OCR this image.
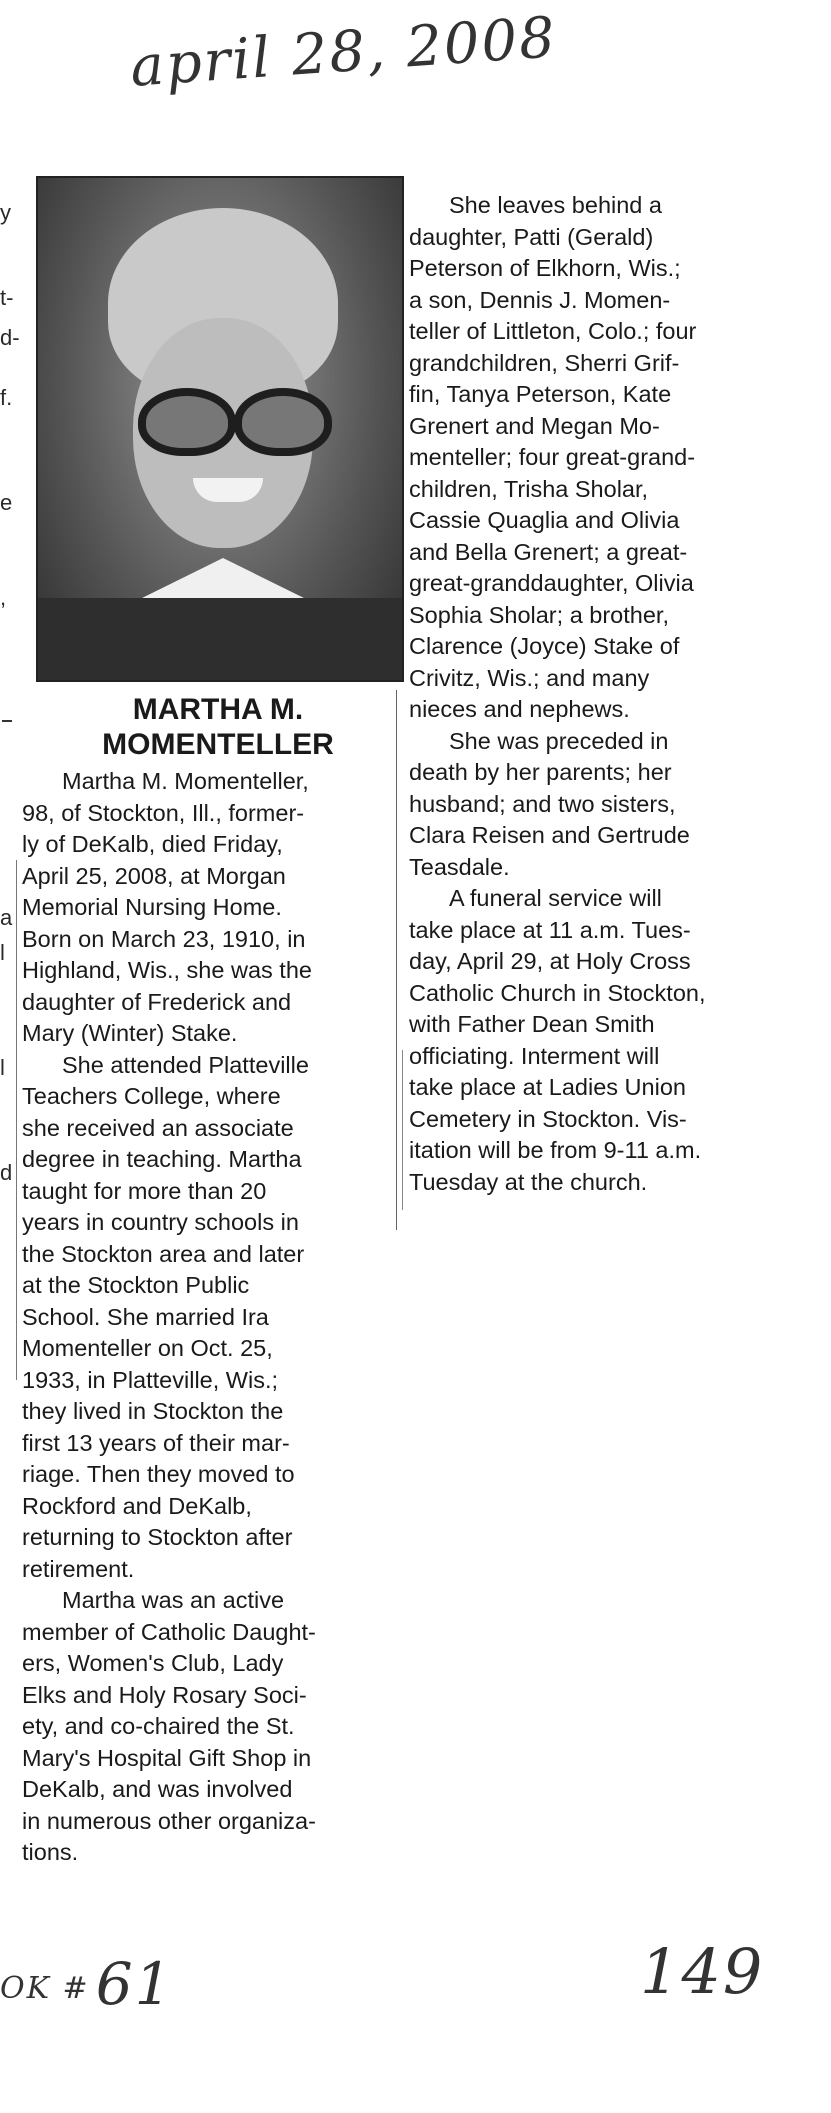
april 28, 2008
y
t-
d-
f.
e
,
a
l
l
d
MARTHA M.
MOMENTELLER
Martha M. Momenteller,
98, of Stockton, Ill., former-
ly of DeKalb, died Friday,
April 25, 2008, at Morgan
Memorial Nursing Home.
Born on March 23, 1910, in
Highland, Wis., she was the
daughter of Frederick and
Mary (Winter) Stake.
She attended Platteville
Teachers College, where
she received an associate
degree in teaching. Martha
taught for more than 20
years in country schools in
the Stockton area and later
at the Stockton Public
School. She married Ira
Momenteller on Oct. 25,
1933, in Platteville, Wis.;
they lived in Stockton the
first 13 years of their mar-
riage. Then they moved to
Rockford and DeKalb,
returning to Stockton after
retirement.
Martha was an active
member of Catholic Daught-
ers, Women's Club, Lady
Elks and Holy Rosary Soci-
ety, and co-chaired the St.
Mary's Hospital Gift Shop in
DeKalb, and was involved
in numerous other organiza-
tions.
She leaves behind a
daughter, Patti (Gerald)
Peterson of Elkhorn, Wis.;
a son, Dennis J. Momen-
teller of Littleton, Colo.; four
grandchildren, Sherri Grif-
fin, Tanya Peterson, Kate
Grenert and Megan Mo-
menteller; four great-grand-
children, Trisha Sholar,
Cassie Quaglia and Olivia
and Bella Grenert; a great-
great-granddaughter, Olivia
Sophia Sholar; a brother,
Clarence (Joyce) Stake of
Crivitz, Wis.; and many
nieces and nephews.
She was preceded in
death by her parents; her
husband; and two sisters,
Clara Reisen and Gertrude
Teasdale.
A funeral service will
take place at 11 a.m. Tues-
day, April 29, at Holy Cross
Catholic Church in Stockton,
with Father Dean Smith
officiating. Interment will
take place at Ladies Union
Cemetery in Stockton. Vis-
itation will be from 9-11 a.m.
Tuesday at the church.
OK # 61	149
